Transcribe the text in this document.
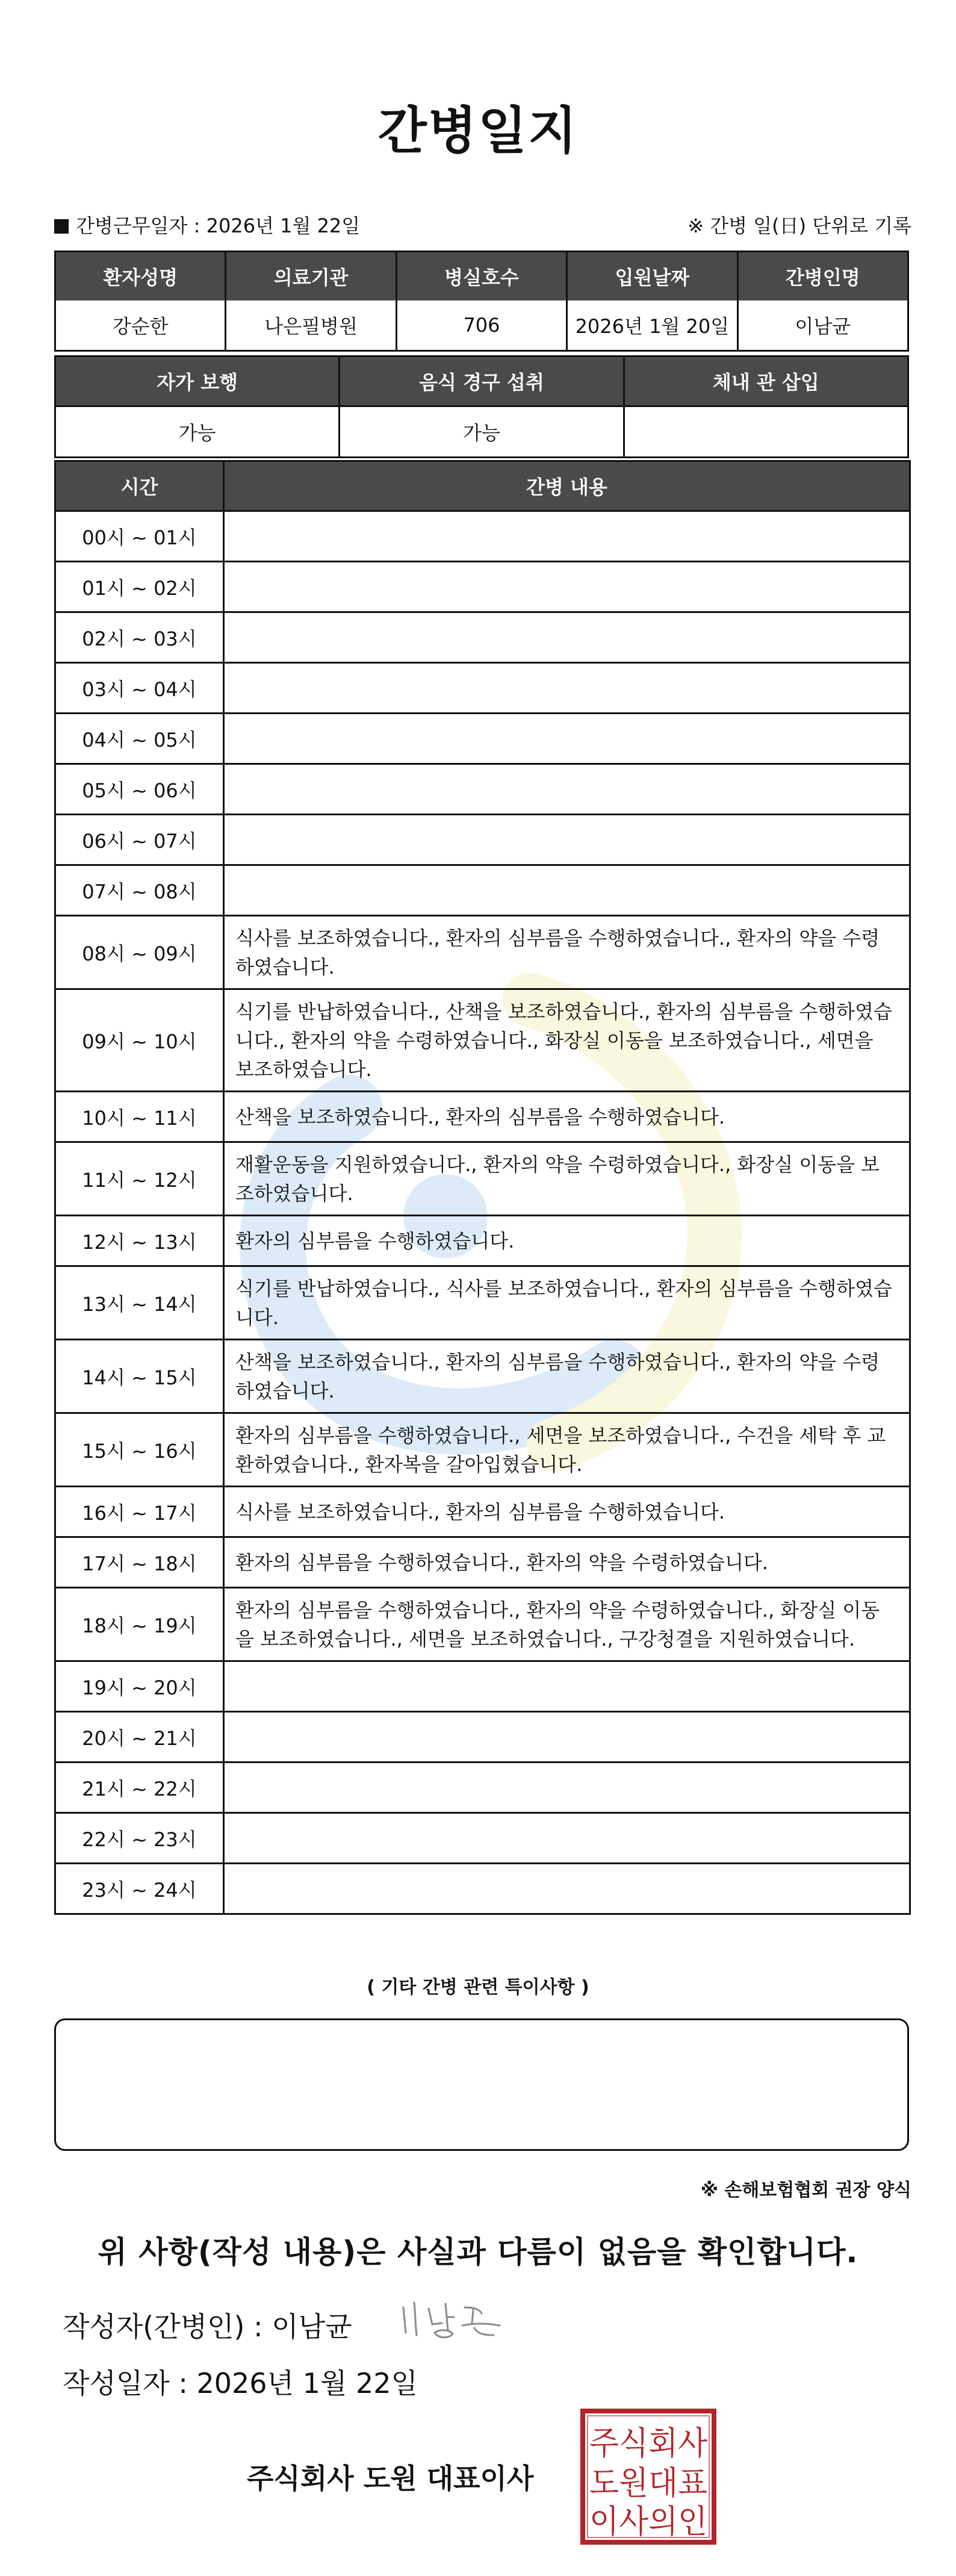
간병일지
간병근무일자 : 2026년 1월 22일	※ 간병 일(日) 단위로 기록
환자성명	의료기관	병실호수	입원날짜	간병인명
강순한	나은필병원	706	2026년 1월 20일	이남균
자가 보행	음식 경구 섭취	체내 관 삽입
가능	가능	
시간	간병 내용
00시 ~ 01시	
01시 ~ 02시	
02시 ~ 03시	
03시 ~ 04시	
04시 ~ 05시	
05시 ~ 06시	
06시 ~ 07시	
07시 ~ 08시	
08시 ~ 09시	식사를 보조하였습니다., 환자의 심부름을 수행하였습니다., 환자의 약을 수령하였습니다.
09시 ~ 10시	식기를 반납하였습니다., 산책을 보조하였습니다., 환자의 심부름을 수행하였습니다., 환자의 약을 수령하였습니다., 화장실 이동을 보조하였습니다., 세면을 보조하였습니다.
10시 ~ 11시	산책을 보조하였습니다., 환자의 심부름을 수행하였습니다.
11시 ~ 12시	재활운동을 지원하였습니다., 환자의 약을 수령하였습니다., 화장실 이동을 보조하였습니다.
12시 ~ 13시	환자의 심부름을 수행하였습니다.
13시 ~ 14시	식기를 반납하였습니다., 식사를 보조하였습니다., 환자의 심부름을 수행하였습니다.
14시 ~ 15시	산책을 보조하였습니다., 환자의 심부름을 수행하였습니다., 환자의 약을 수령하였습니다.
15시 ~ 16시	환자의 심부름을 수행하였습니다., 세면을 보조하였습니다., 수건을 세탁 후 교환하였습니다., 환자복을 갈아입혔습니다.
16시 ~ 17시	식사를 보조하였습니다., 환자의 심부름을 수행하였습니다.
17시 ~ 18시	환자의 심부름을 수행하였습니다., 환자의 약을 수령하였습니다.
18시 ~ 19시	환자의 심부름을 수행하였습니다., 환자의 약을 수령하였습니다., 화장실 이동을 보조하였습니다., 세면을 보조하였습니다., 구강청결을 지원하였습니다.
19시 ~ 20시	
20시 ~ 21시	
21시 ~ 22시	
22시 ~ 23시	
23시 ~ 24시	
( 기타 간병 관련 특이사항 )
※ 손해보험협회 권장 양식
위 사항(작성 내용)은 사실과 다름이 없음을 확인합니다.
작성자(간병인) : 이남균
작성일자 : 2026년 1월 22일
주식회사 도원 대표이사
주식회사
도원대표
이사의인
